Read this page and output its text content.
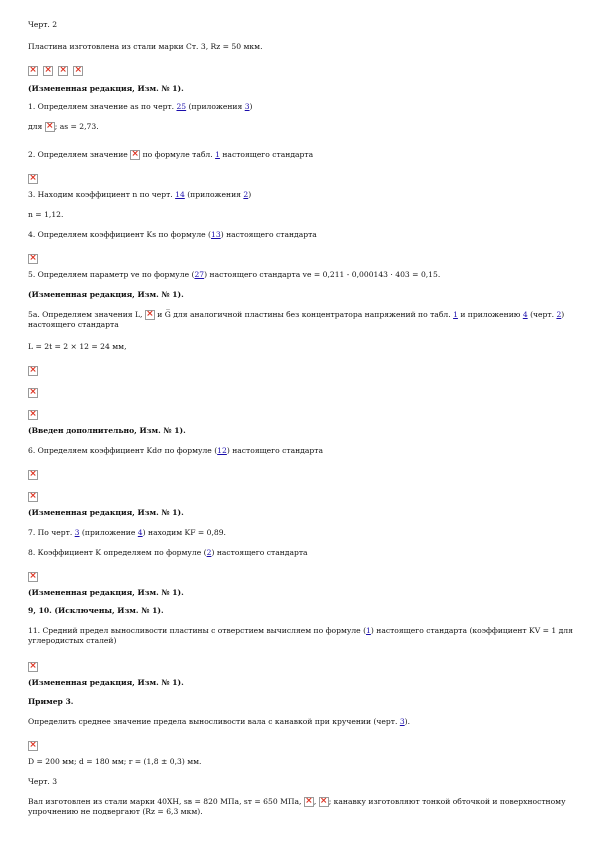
Черт. 2

Пластина изготовлена из стали марки Ст. 3, Rz = 50 мкм.

× × × ×

(Измененная редакция, Изм. № 1).

1. Определяем значение as по черт. 25 (приложения 3)

для ×; as = 2,73.

2. Определяем значение × по формуле табл. 1 настоящего стандарта

×

3. Находим коэффициент n по черт. 14 (приложения 2)

n = 1,12.

4. Определяем коэффициент Ks по формуле (13) настоящего стандарта

×

5. Определяем параметр ve по формуле (27) настоящего стандарта ve = 0,211 - 0,000143 · 403 = 0,15.

(Измененная редакция, Изм. № 1).

5а. Определяем значения L, × и G̅ для аналогичной пластины без концентратора напряжений по табл. 1 и приложению 4 (черт. 2)

настоящего стандарта

L = 2t = 2 × 12 = 24 мм,

×
×
×

(Введен дополнительно, Изм. № 1).

6. Определяем коэффициент Kdσ по формуле (12) настоящего стандарта

×
×

(Измененная редакция, Изм. № 1).

7. По черт. 3 (приложение 4) находим KF = 0,89.

8. Коэффициент K определяем по формуле (2) настоящего стандарта

×

(Измененная редакция, Изм. № 1).

9, 10. (Исключены, Изм. № 1).

11. Средний предел выносливости пластины с отверстием вычисляем по формуле (1) настоящего стандарта (коэффициент KV = 1 для

углеродистых сталей)

×

(Измененная редакция, Изм. № 1).

Пример 3.

Определить среднее значение предела выносливости вала с канавкой при кручении (черт. 3).

×

D = 200 мм; d = 180 мм; r = (1,8 ± 0,3) мм.

Черт. 3

Вал изготовлен из стали марки 40ХН, sв = 820 МПа, sт = 650 МПа, ×, ×; канавку изготовляют тонкой обточкой и поверхностному

упрочнению не подвергают (Rz = 6,3 мкм).
